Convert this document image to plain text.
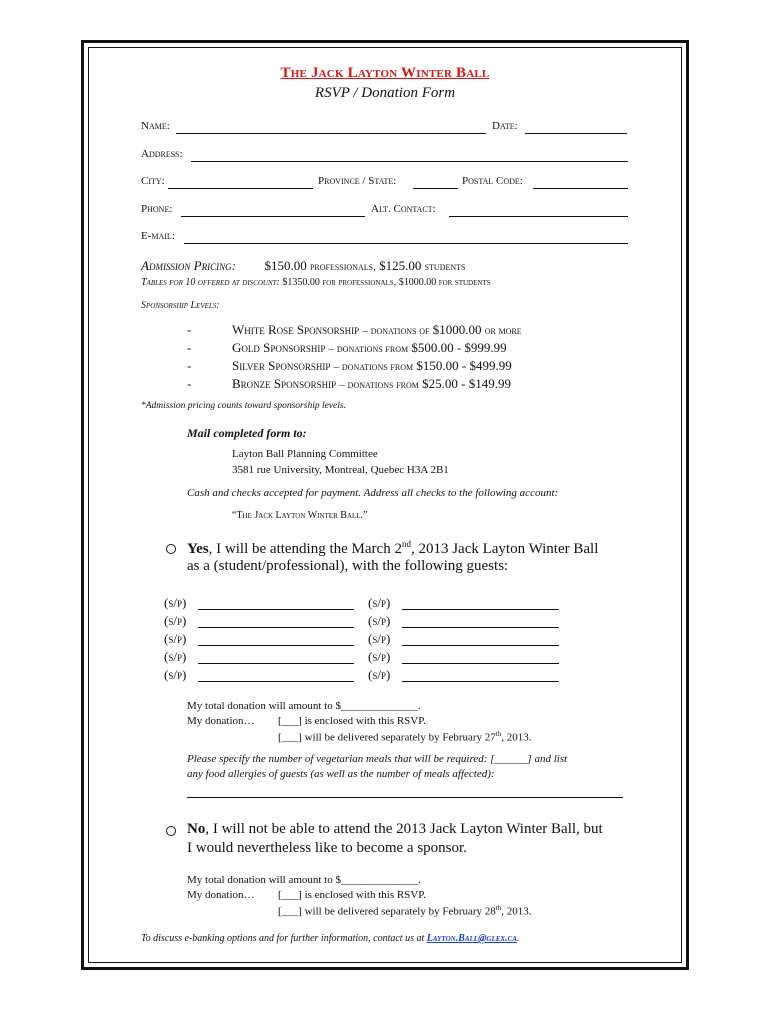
The Jack Layton Winter Ball
RSVP / Donation Form
Name:	Date:
Address:
City:	Province / State:	Postal Code:
Phone:	Alt. Contact:
E-mail:
Admission Pricing: $150.00 professionals, $125.00 students
Tables for 10 offered at discount: $1350.00 for professionals, $1000.00 for students
Sponsorship Levels:
-	White Rose Sponsorship – donations of $1000.00 or more
-	Gold Sponsorship – donations from $500.00 - $999.99
-	Silver Sponsorship – donations from $150.00 - $499.99
-	Bronze Sponsorship – donations from $25.00 - $149.99
*Admission pricing counts toward sponsorship levels.
Mail completed form to:
Layton Ball Planning Committee
3581 rue University, Montreal, Quebec H3A 2B1
Cash and checks accepted for payment. Address all checks to the following account:
“The Jack Layton Winter Ball.”
Yes, I will be attending the March 2nd, 2013 Jack Layton Winter Ball
as a (student/professional), with the following guests:
(s/p)	(s/p)
(s/p)	(s/p)
(s/p)	(s/p)
(s/p)	(s/p)
(s/p)	(s/p)
My total donation will amount to $______________.
My donation… [___] is enclosed with this RSVP.
[___] will be delivered separately by February 27th, 2013.
Please specify the number of vegetarian meals that will be required: [______] and list
any food allergies of guests (as well as the number of meals affected):
No, I will not be able to attend the 2013 Jack Layton Winter Ball, but
I would nevertheless like to become a sponsor.
My total donation will amount to $______________.
My donation… [___] is enclosed with this RSVP.
[___] will be delivered separately by February 28th, 2013.
To discuss e-banking options and for further information, contact us at Layton.Ball@glex.ca.
